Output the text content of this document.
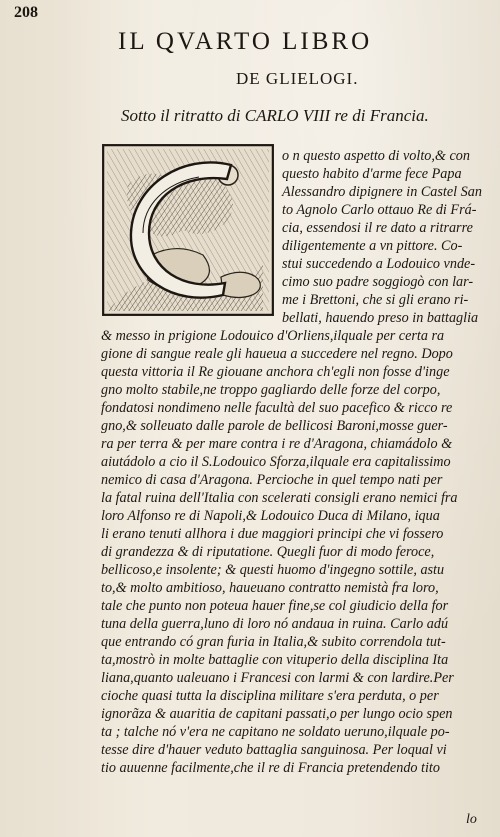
208
IL QVARTO LIBRO
DE GLIELOGI.
Sotto il ritratto di CARLO VIII re di Francia.
o n questo aspetto di volto,& con
questo habito d'arme fece Papa
Alessandro dipignere in Castel San
to Agnolo Carlo ottauo Re di Frá-
cia, essendosi il re dato a ritrarre
diligentemente a vn pittore. Co-
stui succedendo a Lodouico vnde-
cimo suo padre soggiogò con lar-
me i Brettoni, che si gli erano ri-
bellati, hauendo preso in battaglia
& messo in prigione Lodouico d'Orliens,ilquale per certa ra
gione di sangue reale gli haueua a succedere nel regno. Dopo
questa vittoria il Re giouane anchora ch'egli non fosse d'inge
gno molto stabile,ne troppo gagliardo delle forze del corpo,
fondatosi nondimeno nelle facultà del suo pacefico & ricco re
gno,& solleuato dalle parole de bellicosi Baroni,mosse guer-
ra per terra & per mare contra i re d'Aragona, chiamádolo &
aiutádolo a cio il S.Lodouico Sforza,ilquale era capitalissimo
nemico di casa d'Aragona. Percioche in quel tempo nati per
la fatal ruina dell'Italia con scelerati consigli erano nemici fra
loro Alfonso re di Napoli,& Lodouico Duca di Milano, iqua
li erano tenuti allhora i due maggiori principi che vi fossero
di grandezza & di riputatione. Quegli fuor di modo feroce,
bellicoso,e insolente; & questi huomo d'ingegno sottile, astu
to,& molto ambitioso, haueuano contratto nemistà fra loro,
tale che punto non poteua hauer fine,se col giudicio della for
tuna della guerra,luno di loro nó andaua in ruina. Carlo adú
que entrando có gran furia in Italia,& subito correndola tut-
ta,mostrò in molte battaglie con vituperio della disciplina Ita
liana,quanto ualeuano i Francesi con larmi & con lardire.Per
cioche quasi tutta la disciplina militare s'era perduta, o per
ignorãza & auaritia de capitani passati,o per lungo ocio spen
ta ; talche nó v'era ne capitano ne soldato ueruno,ilquale po-
tesse dire d'hauer veduto battaglia sanguinosa. Per loqual vi
tio auuenne facilmente,che il re di Francia pretendendo tito
lo
